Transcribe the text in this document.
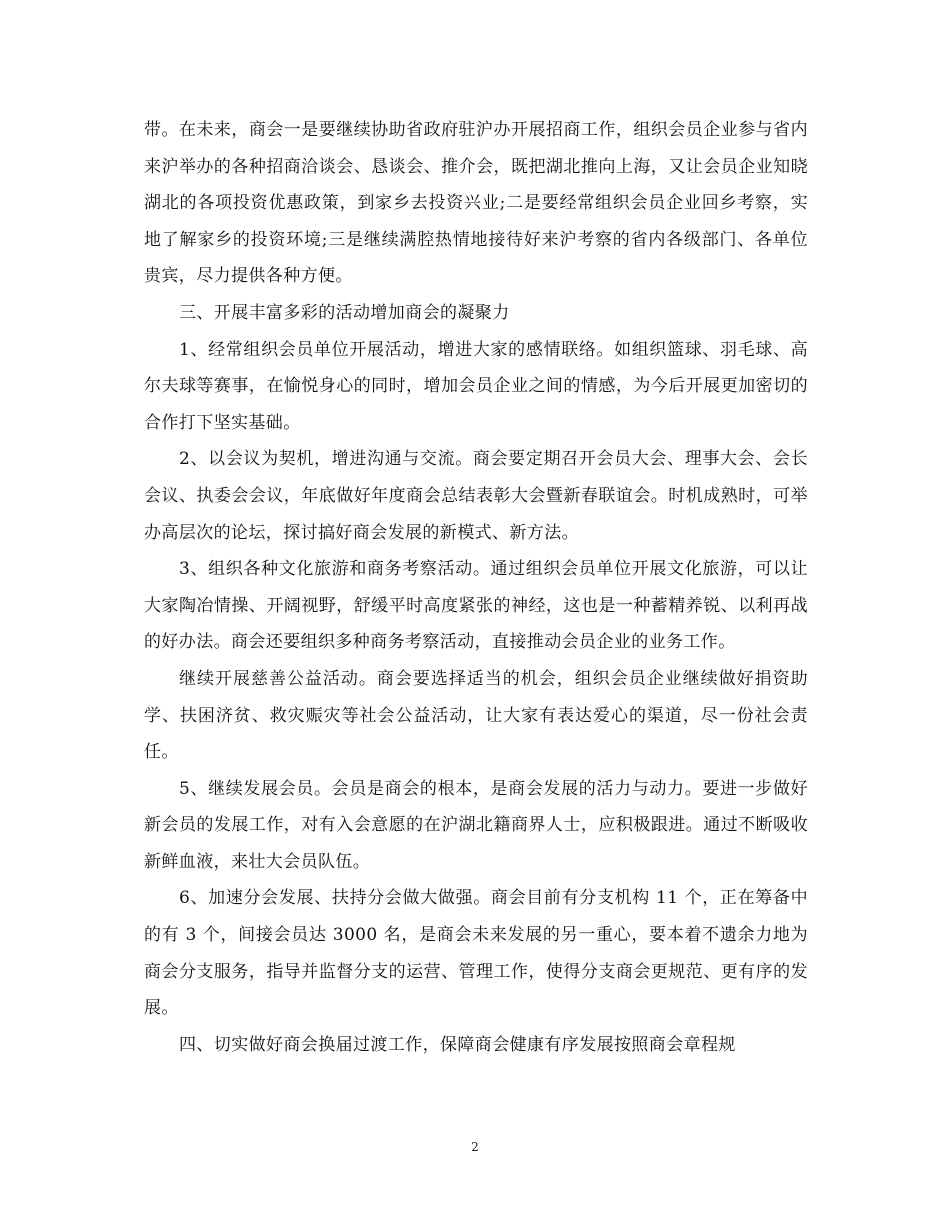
带。在未来，商会一是要继续协助省政府驻沪办开展招商工作，组织会员企业参与省内来沪举办的各种招商洽谈会、恳谈会、推介会，既把湖北推向上海，又让会员企业知晓湖北的各项投资优惠政策，到家乡去投资兴业;二是要经常组织会员企业回乡考察，实地了解家乡的投资环境;三是继续满腔热情地接待好来沪考察的省内各级部门、各单位贵宾，尽力提供各种方便。

三、开展丰富多彩的活动增加商会的凝聚力

1、经常组织会员单位开展活动，增进大家的感情联络。如组织篮球、羽毛球、高尔夫球等赛事，在愉悦身心的同时，增加会员企业之间的情感，为今后开展更加密切的合作打下坚实基础。

2、以会议为契机，增进沟通与交流。商会要定期召开会员大会、理事大会、会长会议、执委会会议，年底做好年度商会总结表彰大会暨新春联谊会。时机成熟时，可举办高层次的论坛，探讨搞好商会发展的新模式、新方法。

3、组织各种文化旅游和商务考察活动。通过组织会员单位开展文化旅游，可以让大家陶冶情操、开阔视野，舒缓平时高度紧张的神经，这也是一种蓄精养锐、以利再战的好办法。商会还要组织多种商务考察活动，直接推动会员企业的业务工作。

继续开展慈善公益活动。商会要选择适当的机会，组织会员企业继续做好捐资助学、扶困济贫、救灾赈灾等社会公益活动，让大家有表达爱心的渠道，尽一份社会责任。

5、继续发展会员。会员是商会的根本，是商会发展的活力与动力。要进一步做好新会员的发展工作，对有入会意愿的在沪湖北籍商界人士，应积极跟进。通过不断吸收新鲜血液，来壮大会员队伍。

6、加速分会发展、扶持分会做大做强。商会目前有分支机构 11 个，正在筹备中的有 3 个，间接会员达 3000 名，是商会未来发展的另一重心，要本着不遗余力地为商会分支服务，指导并监督分支的运营、管理工作，使得分支商会更规范、更有序的发展。

四、切实做好商会换届过渡工作，保障商会健康有序发展按照商会章程规

2
